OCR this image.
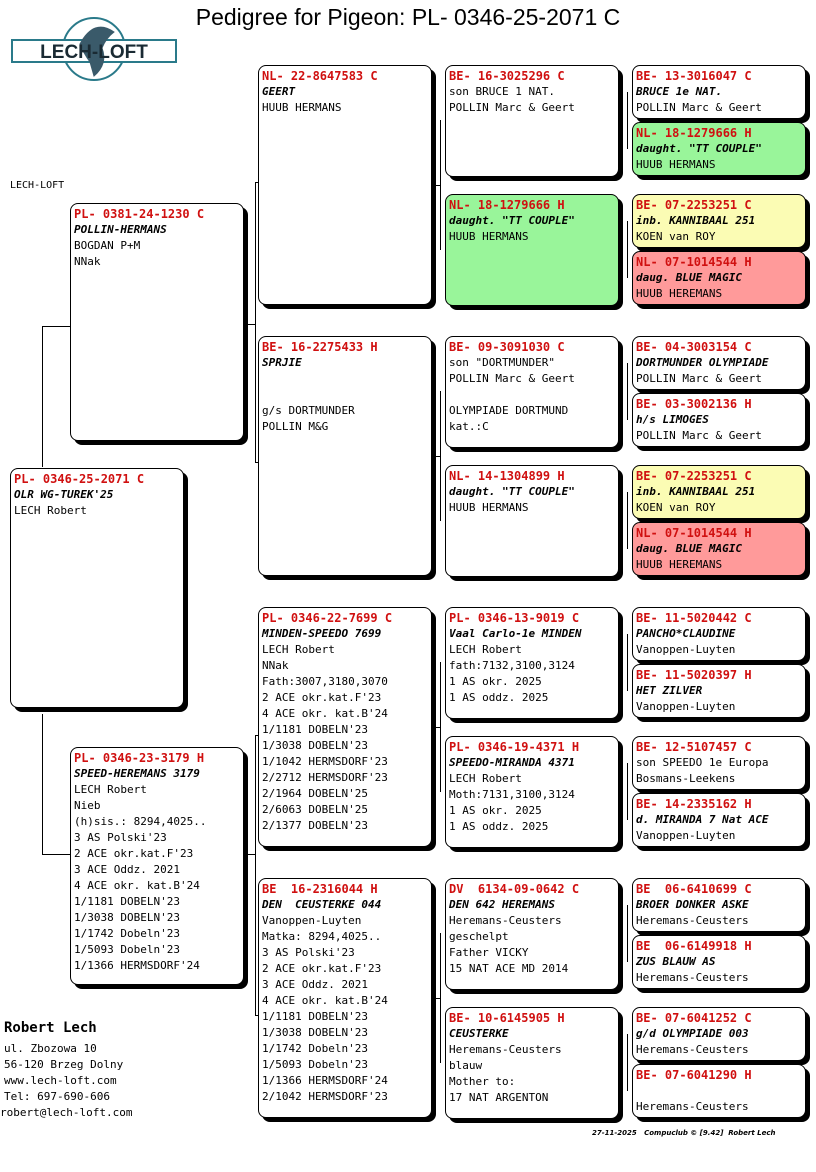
Pedigree for Pigeon: PL- 0346-25-2071 C
LECH-LOFT
LECH-LOFT
PL- 0346-25-2071 C
OLR WG-TUREK'25
LECH Robert
PL- 0381-24-1230 C
POLLIN-HERMANS
BOGDAN P+M
NNak
PL- 0346-23-3179 H
SPEED-HEREMANS 3179
LECH Robert
Nieb
(h)sis.: 8294,4025..
3 AS Polski'23
2 ACE okr.kat.F'23
3 ACE Oddz. 2021
4 ACE okr. kat.B'24
1/1181 DOBELN'23
1/3038 DOBELN'23
1/1742 Dobeln'23
1/5093 Dobeln'23
1/1366 HERMSDORF'24
NL- 22-8647583 C
GEERT
HUUB HERMANS
BE- 16-2275433 H
SPRJIE
g/s DORTMUNDER
POLLIN M&G
PL- 0346-22-7699 C
MINDEN-SPEEDO 7699
LECH Robert
NNak
Fath:3007,3180,3070
2 ACE okr.kat.F'23
4 ACE okr. kat.B'24
1/1181 DOBELN'23
1/3038 DOBELN'23
1/1042 HERMSDORF'23
2/2712 HERMSDORF'23
2/1964 DOBELN'25
2/6063 DOBELN'25
2/1377 DOBELN'23
BE  16-2316044 H
DEN  CEUSTERKE 044
Vanoppen-Luyten
Matka: 8294,4025..
3 AS Polski'23
2 ACE okr.kat.F'23
3 ACE Oddz. 2021
4 ACE okr. kat.B'24
1/1181 DOBELN'23
1/3038 DOBELN'23
1/1742 Dobeln'23
1/5093 Dobeln'23
1/1366 HERMSDORF'24
2/1042 HERMSDORF'23
BE- 16-3025296 C
son BRUCE 1 NAT.
POLLIN Marc & Geert
NL- 18-1279666 H
daught. "TT COUPLE"
HUUB HERMANS
BE- 09-3091030 C
son "DORTMUNDER"
POLLIN Marc & Geert
OLYMPIADE DORTMUND
kat.:C
NL- 14-1304899 H
daught. "TT COUPLE"
HUUB HERMANS
PL- 0346-13-9019 C
Vaal Carlo-1e MINDEN
LECH Robert
fath:7132,3100,3124
1 AS okr. 2025
1 AS oddz. 2025
PL- 0346-19-4371 H
SPEEDO-MIRANDA 4371
LECH Robert
Moth:7131,3100,3124
1 AS okr. 2025
1 AS oddz. 2025
DV  6134-09-0642 C
DEN 642 HEREMANS
Heremans-Ceusters
geschelpt
Father VICKY
15 NAT ACE MD 2014
BE- 10-6145905 H
CEUSTERKE
Heremans-Ceusters
blauw
Mother to:
17 NAT ARGENTON
BE- 13-3016047 C
BRUCE 1e NAT.
POLLIN Marc & Geert
NL- 18-1279666 H
daught. "TT COUPLE"
HUUB HERMANS
BE- 07-2253251 C
inb. KANNIBAAL 251
KOEN van ROY
NL- 07-1014544 H
daug. BLUE MAGIC
HUUB HEREMANS
BE- 04-3003154 C
DORTMUNDER OLYMPIADE
POLLIN Marc & Geert
BE- 03-3002136 H
h/s LIMOGES
POLLIN Marc & Geert
BE- 07-2253251 C
inb. KANNIBAAL 251
KOEN van ROY
NL- 07-1014544 H
daug. BLUE MAGIC
HUUB HEREMANS
BE- 11-5020442 C
PANCHO*CLAUDINE
Vanoppen-Luyten
BE- 11-5020397 H
HET ZILVER
Vanoppen-Luyten
BE- 12-5107457 C
son SPEEDO 1e Europa
Bosmans-Leekens
BE- 14-2335162 H
d. MIRANDA 7 Nat ACE
Vanoppen-Luyten
BE  06-6410699 C
BROER DONKER ASKE
Heremans-Ceusters
BE  06-6149918 H
ZUS BLAUW AS
Heremans-Ceusters
BE- 07-6041252 C
g/d OLYMPIADE 003
Heremans-Ceusters
BE- 07-6041290 H
Heremans-Ceusters
Robert Lech
ul. Zbozowa 10
56-120 Brzeg Dolny
www.lech-loft.com
Tel: 697-690-606
robert@lech-loft.com
27-11-2025   Compuclub © [9.42]  Robert Lech
